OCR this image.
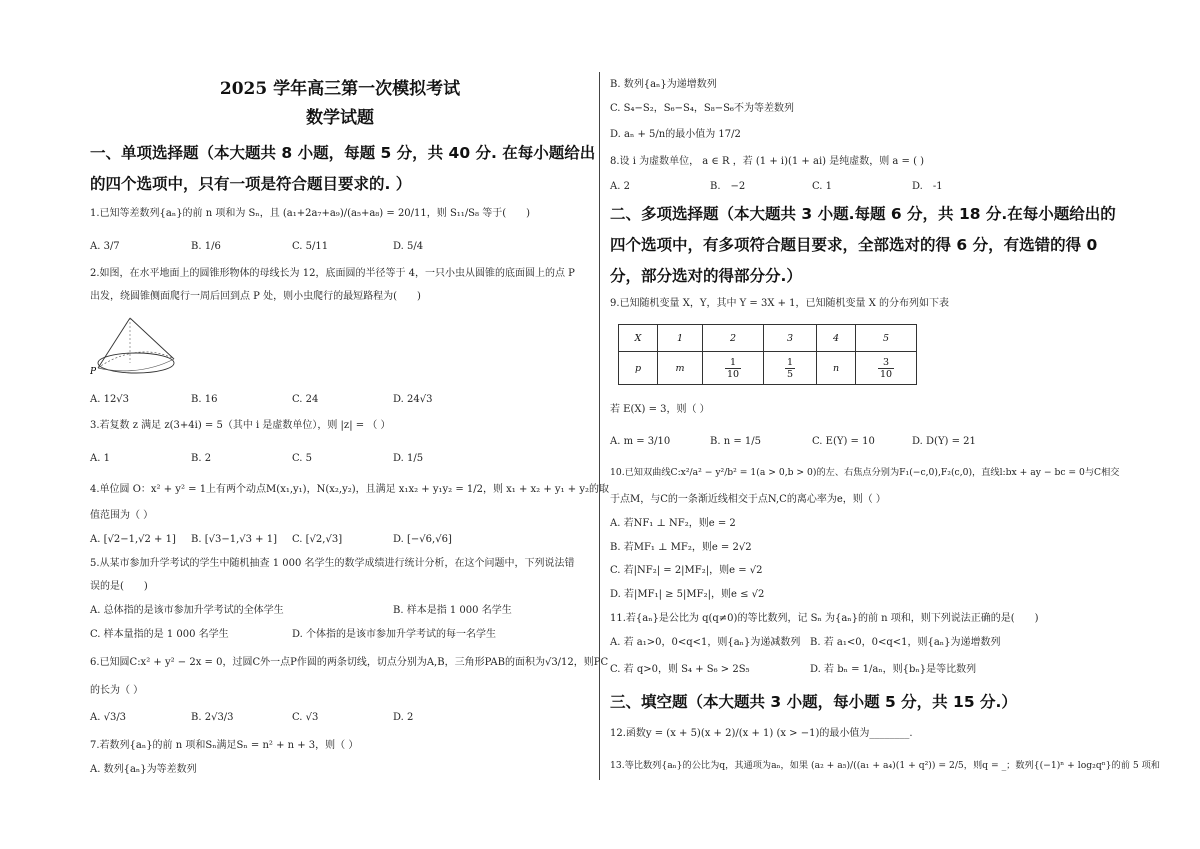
2025 学年高三第一次模拟考试
数学试题
一、单项选择题（本大题共 8 小题，每题 5 分，共 40 分. 在每小题给出
的四个选项中，只有一项是符合题目要求的. ）
1.已知等差数列{aₙ}的前 n 项和为 Sₙ，且 (a₁+2a₇+a₉)/(a₅+a₈) = 20/11，则 S₁₁/S₈ 等于(　　)
A. 3/7	B. 1/6	C. 5/11	D. 5/4
2.如图，在水平地面上的圆锥形物体的母线长为 12，底面圆的半径等于 4，一只小虫从圆锥的底面圆上的点 P
出发，绕圆锥侧面爬行一周后回到点 P 处，则小虫爬行的最短路程为(　　)
P
A. 12√3	B. 16	C. 24	D. 24√3
3.若复数 z 满足 z(3+4i) = 5（其中 i 是虚数单位），则 |z| = （ ）
A. 1	B. 2	C. 5	D. 1/5
4.单位圆 O：x² + y² = 1上有两个动点M(x₁,y₁)，N(x₂,y₂)，且满足 x₁x₂ + y₁y₂ = 1/2，则 x₁ + x₂ + y₁ + y₂的取
值范围为（ ）
A. [√2−1,√2 + 1] B. [√3−1,√3 + 1] C. [√2,√3]	D. [−√6,√6]
5.从某市参加升学考试的学生中随机抽查 1 000 名学生的数学成绩进行统计分析，在这个问题中，下列说法错
误的是(　　)
A. 总体指的是该市参加升学考试的全体学生	B. 样本是指 1 000 名学生
C. 样本量指的是 1 000 名学生	D. 个体指的是该市参加升学考试的每一名学生
6.已知圆C:x² + y² − 2x = 0，过圆C外一点P作圆的两条切线，切点分别为A,B，三角形PAB的面积为√3/12，则PC
的长为（ ）
A. √3/3	B. 2√3/3	C. √3	D. 2
7.若数列{aₙ}的前 n 项和Sₙ满足Sₙ = n² + n + 3，则（ ）
A. 数列{aₙ}为等差数列
B. 数列{aₙ}为递增数列
C. S₄−S₂，S₆−S₄，S₈−S₆不为等差数列
D. aₙ + 5/n的最小值为 17/2
8.设 i 为虚数单位， a ∈ R ，若 (1 + i)(1 + ai) 是纯虚数，则 a = ( )
A. 2	B.　−2	C. 1	D.　-1
二、多项选择题（本大题共 3 小题.每题 6 分，共 18 分.在每小题给出的
四个选项中，有多项符合题目要求，全部选对的得 6 分，有选错的得 0
分，部分选对的得部分分.）
9.已知随机变量 X，Y，其中 Y = 3X + 1，已知随机变量 X 的分布列如下表
X	1	2	3	4	5
p	m	$\frac{1}{10}$	$\frac{1}{5}$	n	$\frac{3}{10}$
若 E(X) = 3，则（ ）
A. m = 3/10	B. n = 1/5	C. E(Y) = 10	D. D(Y) = 21
10.已知双曲线C:x²/a² − y²/b² = 1(a > 0,b > 0)的左、右焦点分别为F₁(−c,0),F₂(c,0)，直线l:bx + ay − bc = 0与C相交
于点M，与C的一条渐近线相交于点N,C的离心率为e，则（ ）
A. 若NF₁ ⊥ NF₂，则e = 2
B. 若MF₁ ⊥ MF₂，则e = 2√2
C. 若|NF₂| = 2|MF₂|，则e = √2
D. 若|MF₁| ≥ 5|MF₂|，则e ≤ √2
11.若{aₙ}是公比为 q(q≠0)的等比数列，记 Sₙ 为{aₙ}的前 n 项和，则下列说法正确的是(　　)
A. 若 a₁>0，0<q<1，则{aₙ}为递减数列 B. 若 a₁<0，0<q<1，则{aₙ}为递增数列
C. 若 q>0，则 S₄ + S₆ > 2S₅	D. 若 bₙ = 1/aₙ，则{bₙ}是等比数列
三、填空题（本大题共 3 小题，每小题 5 分，共 15 分.）
12.函数y = (x + 5)(x + 2)/(x + 1) (x > −1)的最小值为________.
13.等比数列{aₙ}的公比为q，其通项为aₙ，如果 (a₂ + a₅)/((a₁ + a₄)(1 + q²)) = 2/5，则q = _；数列{(−1)ⁿ + log₂qⁿ}的前 5 项和
